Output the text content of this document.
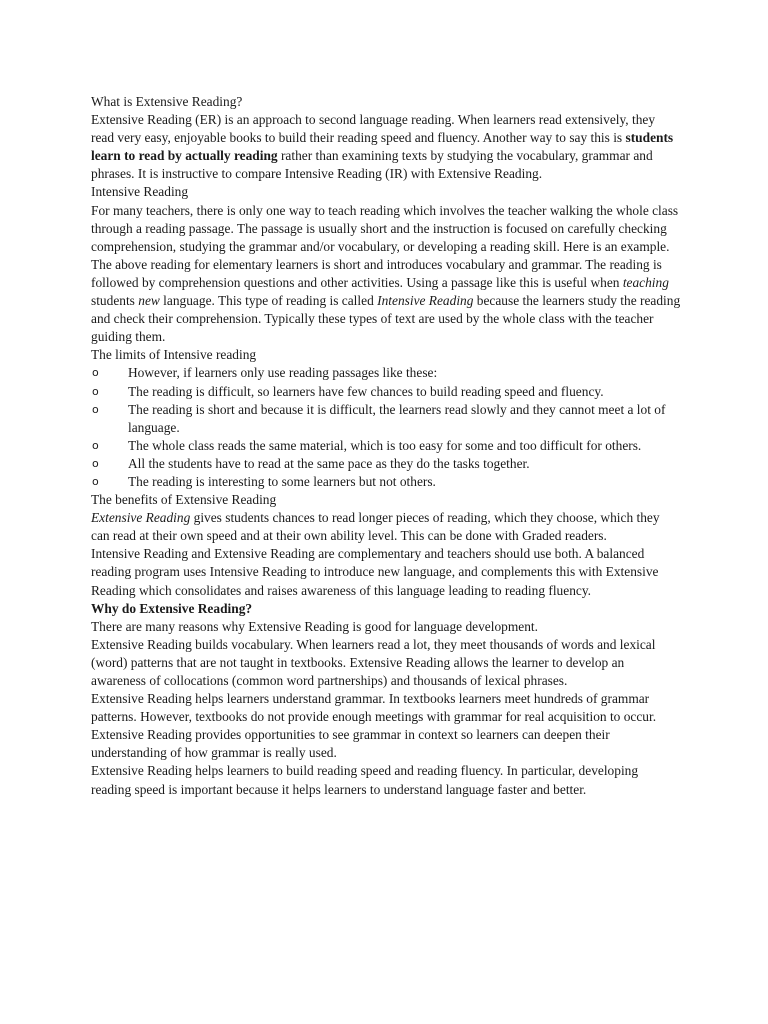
What is Extensive Reading?

Extensive Reading (ER) is an approach to second language reading. When learners read extensively, they read very easy, enjoyable books to build their reading speed and fluency. Another way to say this is students learn to read by actually reading rather than examining texts by studying the vocabulary, grammar and phrases. It is instructive to compare Intensive Reading (IR) with Extensive Reading.

Intensive Reading

For many teachers, there is only one way to teach reading which involves the teacher walking the whole class through a reading passage. The passage is usually short and the instruction is focused on carefully checking comprehension, studying the grammar and/or vocabulary, or developing a reading skill. Here is an example.

The above reading for elementary learners is short and introduces vocabulary and grammar. The reading is followed by comprehension questions and other activities. Using a passage like this is useful when teaching students new language. This type of reading is called Intensive Reading because the learners study the reading and check their comprehension. Typically these types of text are used by the whole class with the teacher guiding them.

The limits of Intensive reading

o However, if learners only use reading passages like these:
o The reading is difficult, so learners have few chances to build reading speed and fluency.
o The reading is short and because it is difficult, the learners read slowly and they cannot meet a lot of language.
o The whole class reads the same material, which is too easy for some and too difficult for others.
o All the students have to read at the same pace as they do the tasks together.
o The reading is interesting to some learners but not others.

The benefits of Extensive Reading

Extensive Reading gives students chances to read longer pieces of reading, which they choose, which they can read at their own speed and at their own ability level. This can be done with Graded readers.

Intensive Reading and Extensive Reading are complementary and teachers should use both. A balanced reading program uses Intensive Reading to introduce new language, and complements this with Extensive Reading which consolidates and raises awareness of this language leading to reading fluency.

Why do Extensive Reading?

There are many reasons why Extensive Reading is good for language development.

Extensive Reading builds vocabulary. When learners read a lot, they meet thousands of words and lexical (word) patterns that are not taught in textbooks. Extensive Reading allows the learner to develop an awareness of collocations (common word partnerships) and thousands of lexical phrases.

Extensive Reading helps learners understand grammar. In textbooks learners meet hundreds of grammar patterns. However, textbooks do not provide enough meetings with grammar for real acquisition to occur. Extensive Reading provides opportunities to see grammar in context so learners can deepen their understanding of how grammar is really used.

Extensive Reading helps learners to build reading speed and reading fluency. In particular, developing reading speed is important because it helps learners to understand language faster and better.
